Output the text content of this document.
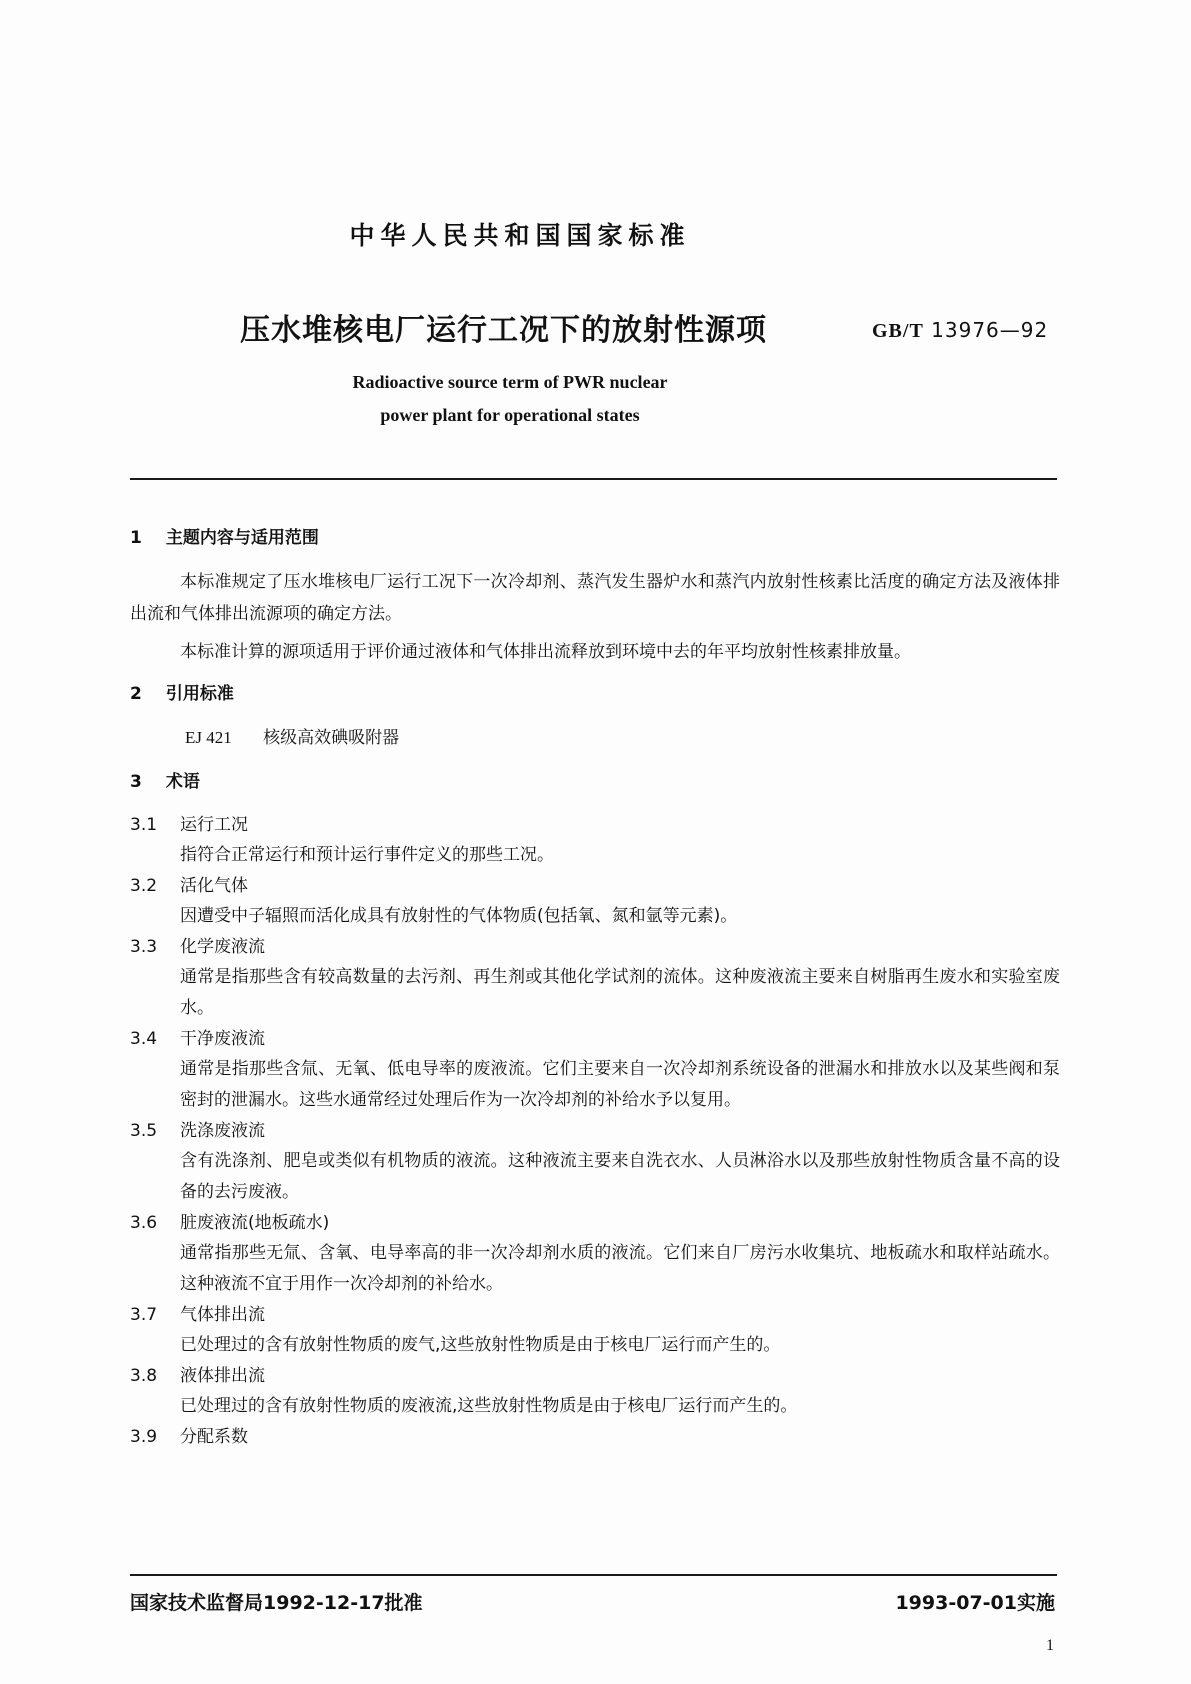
中华人民共和国国家标准
压水堆核电厂运行工况下的放射性源项	GB/T 13976—92
Radioactive source term of PWR nuclear
power plant for operational states
1 主题内容与适用范围

本标准规定了压水堆核电厂运行工况下一次冷却剂、蒸汽发生器炉水和蒸汽内放射性核素比活度的确定方法及液体排出流和气体排出流源项的确定方法。

本标准计算的源项适用于评价通过液体和气体排出流释放到环境中去的年平均放射性核素排放量。

2 引用标准
EJ 421 核级高效碘吸附器
3 术语
3.1 运行工况
指符合正常运行和预计运行事件定义的那些工况。
3.2 活化气体
因遭受中子辐照而活化成具有放射性的气体物质(包括氧、氮和氩等元素)。
3.3 化学废液流
通常是指那些含有较高数量的去污剂、再生剂或其他化学试剂的流体。这种废液流主要来自树脂再生废水和实验室废水。
3.4 干净废液流
通常是指那些含氚、无氧、低电导率的废液流。它们主要来自一次冷却剂系统设备的泄漏水和排放水以及某些阀和泵密封的泄漏水。这些水通常经过处理后作为一次冷却剂的补给水予以复用。
3.5 洗涤废液流
含有洗涤剂、肥皂或类似有机物质的液流。这种液流主要来自洗衣水、人员淋浴水以及那些放射性物质含量不高的设备的去污废液。
3.6 脏废液流(地板疏水)
通常指那些无氚、含氧、电导率高的非一次冷却剂水质的液流。它们来自厂房污水收集坑、地板疏水和取样站疏水。这种液流不宜于用作一次冷却剂的补给水。
3.7 气体排出流
已处理过的含有放射性物质的废气,这些放射性物质是由于核电厂运行而产生的。
3.8 液体排出流
已处理过的含有放射性物质的废液流,这些放射性物质是由于核电厂运行而产生的。
3.9 分配系数
国家技术监督局1992-12-17批准	1993-07-01实施
1
